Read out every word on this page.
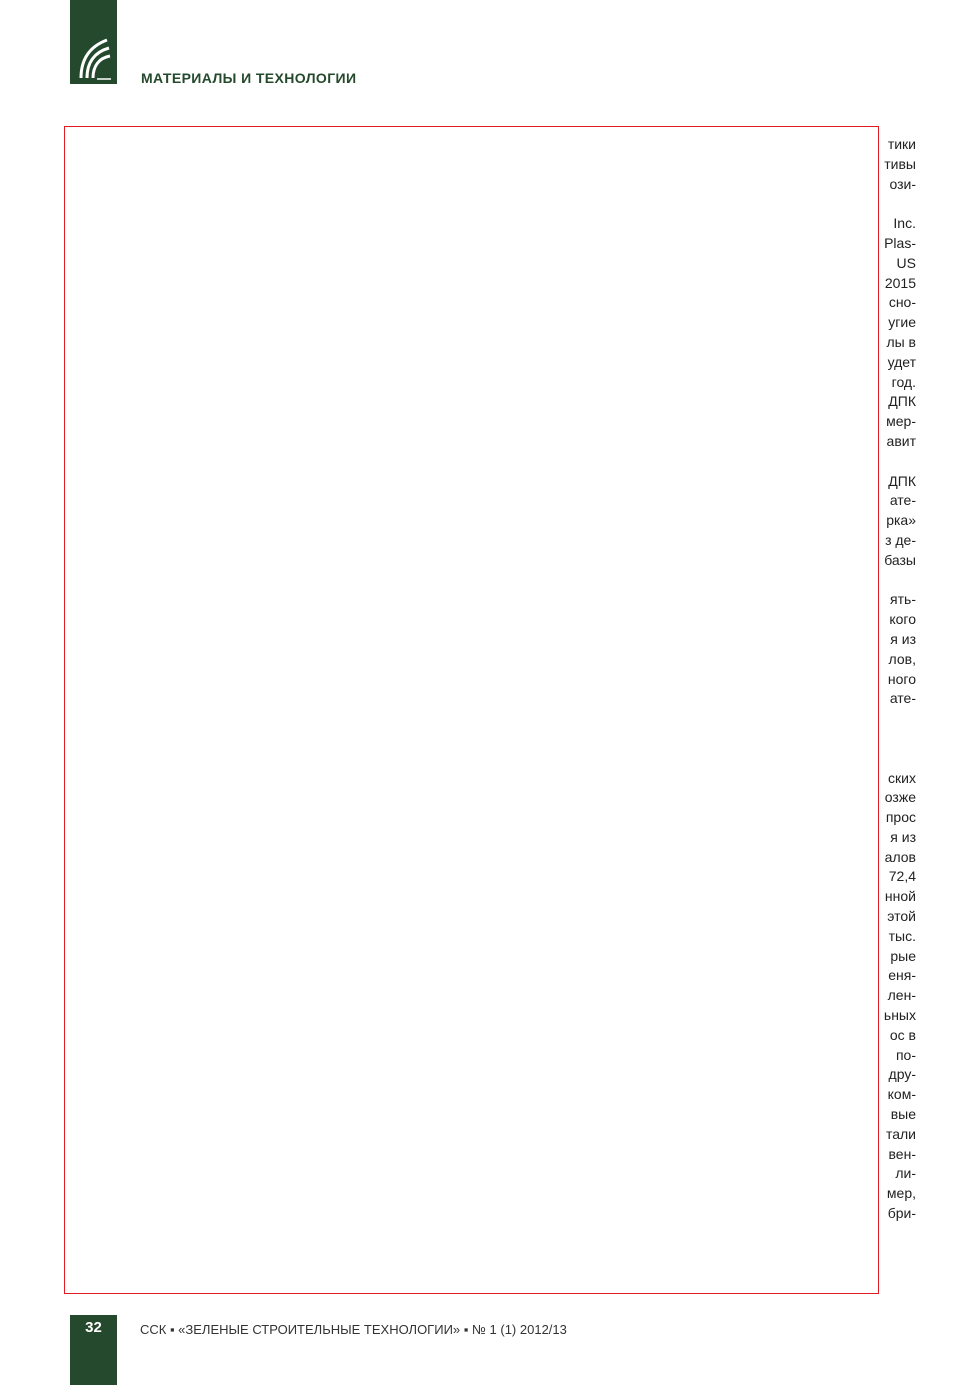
МАТЕРИАЛЫ И ТЕХНОЛОГИИ
тики
тивы
ози-
Inc.
Plas-
US
2015
сно-
угие
лы в
удет
год.
ДПК
мер-
авит
ДПК
ате-
рка»
з де-
базы
ять-
кого
я из
лов,
ного
ате-
ских
озже
прос
я из
алов
72,4
нной
этой
тыс.
рые
еня-
лен-
ьных
ос в
по-
дру-
ком-
вые
тали
вен-
ли-
мер,
бри-
32	ССК ▪ «ЗЕЛЕНЫЕ СТРОИТЕЛЬНЫЕ ТЕХНОЛОГИИ» ▪ № 1 (1) 2012/13
